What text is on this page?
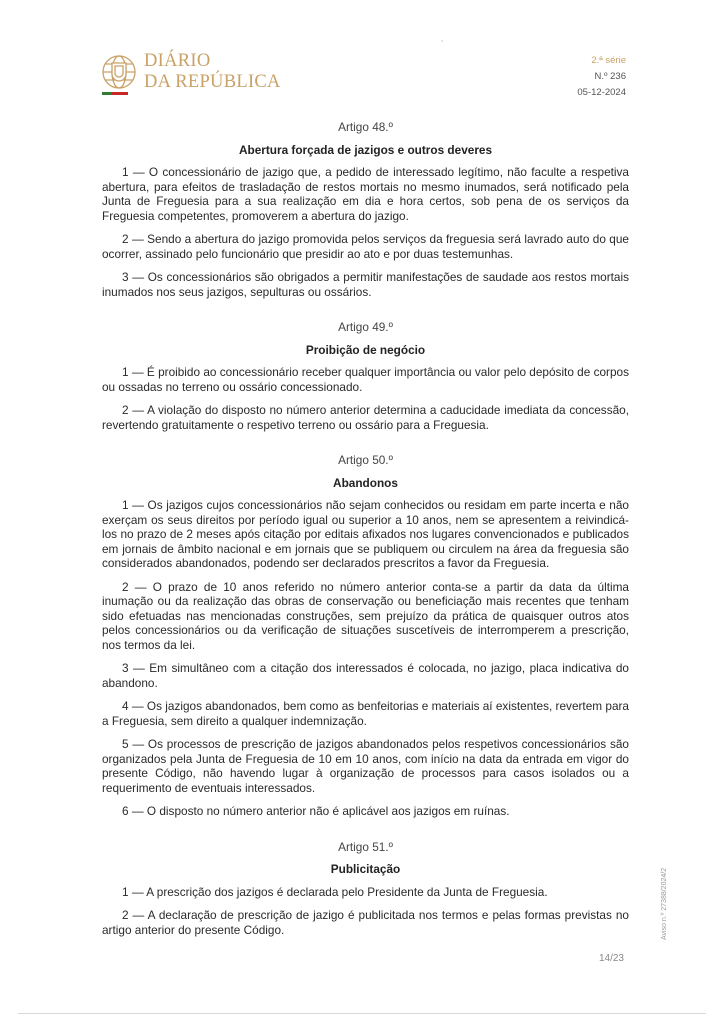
DIÁRIO
DA REPÚBLICA
2.ª série
N.º 236
05-12-2024

Artigo 48.º

Abertura forçada de jazigos e outros deveres

1 — O concessionário de jazigo que, a pedido de interessado legítimo, não faculte a respetiva abertura, para efeitos de trasladação de restos mortais no mesmo inumados, será notificado pela Junta de Freguesia para a sua realização em dia e hora certos, sob pena de os serviços da Freguesia competentes, promoverem a abertura do jazigo.

2 — Sendo a abertura do jazigo promovida pelos serviços da freguesia será lavrado auto do que ocorrer, assinado pelo funcionário que presidir ao ato e por duas testemunhas.

3 — Os concessionários são obrigados a permitir manifestações de saudade aos restos mortais inumados nos seus jazigos, sepulturas ou ossários.

Artigo 49.º

Proibição de negócio

1 — É proibido ao concessionário receber qualquer importância ou valor pelo depósito de corpos ou ossadas no terreno ou ossário concessionado.

2 — A violação do disposto no número anterior determina a caducidade imediata da concessão, revertendo gratuitamente o respetivo terreno ou ossário para a Freguesia.

Artigo 50.º

Abandonos

1 — Os jazigos cujos concessionários não sejam conhecidos ou residam em parte incerta e não exerçam os seus direitos por período igual ou superior a 10 anos, nem se apresentem a reivindicá-los no prazo de 2 meses após citação por editais afixados nos lugares convencionados e publicados em jornais de âmbito nacional e em jornais que se publiquem ou circulem na área da freguesia são considerados abandonados, podendo ser declarados prescritos a favor da Freguesia.

2 — O prazo de 10 anos referido no número anterior conta-se a partir da data da última inumação ou da realização das obras de conservação ou beneficiação mais recentes que tenham sido efetuadas nas mencionadas construções, sem prejuízo da prática de quaisquer outros atos pelos concessionários ou da verificação de situações suscetíveis de interromperem a prescrição, nos termos da lei.

3 — Em simultâneo com a citação dos interessados é colocada, no jazigo, placa indicativa do abandono.

4 — Os jazigos abandonados, bem como as benfeitorias e materiais aí existentes, revertem para a Freguesia, sem direito a qualquer indemnização.

5 — Os processos de prescrição de jazigos abandonados pelos respetivos concessionários são organizados pela Junta de Freguesia de 10 em 10 anos, com início na data da entrada em vigor do presente Código, não havendo lugar à organização de processos para casos isolados ou a requerimento de eventuais interessados.

6 — O disposto no número anterior não é aplicável aos jazigos em ruínas.

Artigo 51.º

Publicitação

1 — A prescrição dos jazigos é declarada pelo Presidente da Junta de Freguesia.

2 — A declaração de prescrição de jazigo é publicitada nos termos e pelas formas previstas no artigo anterior do presente Código.	Aviso n.º 27388/2024/2
14/23
